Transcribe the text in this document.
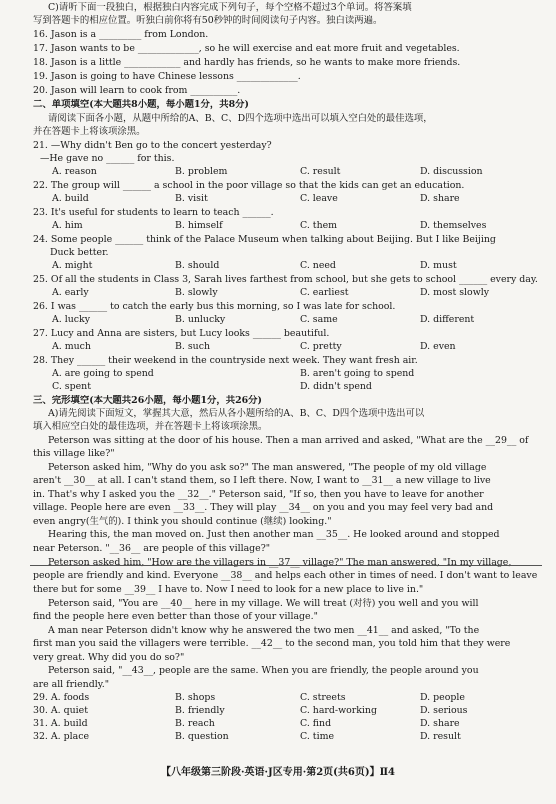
C)请听下面一段独白，根据独白内容完成下列句子，每个空格不超过3个单词。将答案填
写到答题卡的相应位置。听独白前你将有50秒钟的时间阅读句子内容。独白读两遍。
16. Jason is a _________ from London.
17. Jason wants to be _____________, so he will exercise and eat more fruit and vegetables.
18. Jason is a little ____________ and hardly has friends, so he wants to make more friends.
19. Jason is going to have Chinese lessons _____________.
20. Jason will learn to cook from __________.
二、单项填空(本大题共8小题，每小题1分，共8分)
请阅读下面各小题，从题中所给的A、B、C、D四个选项中选出可以填入空白处的最佳选项，
并在答题卡上将该项涂黑。
21. —Why didn't Ben go to the concert yesterday?
—He gave no ______ for this.
22. The group will ______ a school in the poor village so that the kids can get an education.
23. It's useful for students to learn to teach ______.
24. Some people ______ think of the Palace Museum when talking about Beijing. But I like Beijing
Duck better.
25. Of all the students in Class 3, Sarah lives farthest from school, but she gets to school ______ every day.
26. I was ______ to catch the early bus this morning, so I was late for school.
27. Lucy and Anna are sisters, but Lucy looks ______ beautiful.
28. They ______ their weekend in the countryside next week. They want fresh air.
三、完形填空(本大题共26小题，每小题1分，共26分)
A)请先阅读下面短文，掌握其大意，然后从各小题所给的A、B、C、D四个选项中选出可以
填入相应空白处的最佳选项，并在答题卡上将该项涂黑。
Peterson was sitting at the door of his house. Then a man arrived and asked, "What are the __29__ of
this village like?"
Peterson asked him, "Why do you ask so?" The man answered, "The people of my old village
aren't __30__ at all. I can't stand them, so I left there. Now, I want to __31__ a new village to live
in. That's why I asked you the __32__." Peterson said, "If so, then you have to leave for another
village. People here are even __33__. They will play __34__ on you and you may feel very bad and
even angry(生气的). I think you should continue (继续) looking."
Hearing this, the man moved on. Just then another man __35__. He looked around and stopped
near Peterson. "__36__ are people of this village?"
Peterson asked him, "How are the villagers in __37__ village?" The man answered, "In my village,
people are friendly and kind. Everyone __38__ and helps each other in times of need. I don't want to leave
there but for some __39__ I have to. Now I need to look for a new place to live in."
Peterson said, "You are __40__ here in my village. We will treat (对待) you well and you will
find the people here even better than those of your village."
A man near Peterson didn't know why he answered the two men __41__ and asked, "To the
first man you said the villagers were terrible. __42__ to the second man, you told him that they were
very great. Why did you do so?"
Peterson said, "__43__, people are the same. When you are friendly, the people around you
are all friendly."
A. reason	B. problem	C. result	D. discussion
A. build	B. visit	C. leave	D. share
A. him	B. himself	C. them	D. themselves
A. might	B. should	C. need	D. must
A. early	B. slowly	C. earliest	D. most slowly
A. lucky	B. unlucky	C. same	D. different
A. much	B. such	C. pretty	D. even
A. are going to spend	B. aren't going to spend
C. spent	D. didn't spend
29. A. foods	B. shops	C. streets	D. people
30. A. quiet	B. friendly	C. hard-working	D. serious
31. A. build	B. reach	C. find	D. share
32. A. place	B. question	C. time	D. result
【八年级第三阶段·英语·J区专用·第2页(共6页)】Ⅱ4
